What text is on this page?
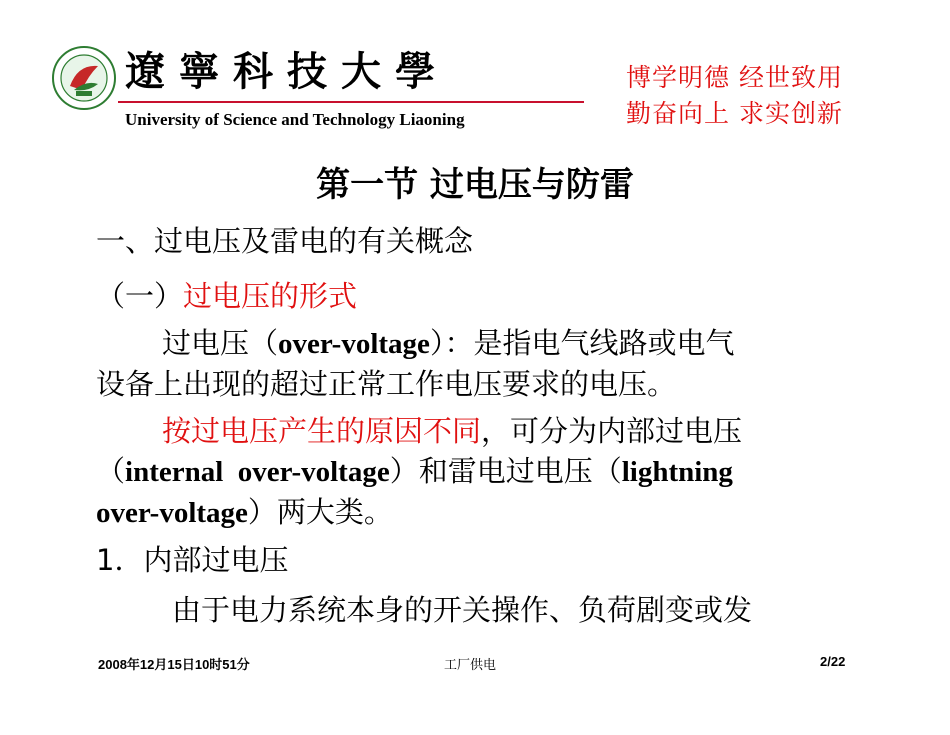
遼寧科技大學
University of Science and Technology Liaoning
博学明德 经世致用
勤奋向上 求实创新
第一节 过电压与防雷
一、过电压及雷电的有关概念
（一）过电压的形式
过电压（over-voltage）：是指电气线路或电气
设备上出现的超过正常工作电压要求的电压。
按过电压产生的原因不同，可分为内部过电压
（internal  over-voltage）和雷电过电压（lightning
over-voltage）两大类。
1．内部过电压
由于电力系统本身的开关操作、负荷剧变或发
2008年12月15日10时51分	工厂供电	2/22
